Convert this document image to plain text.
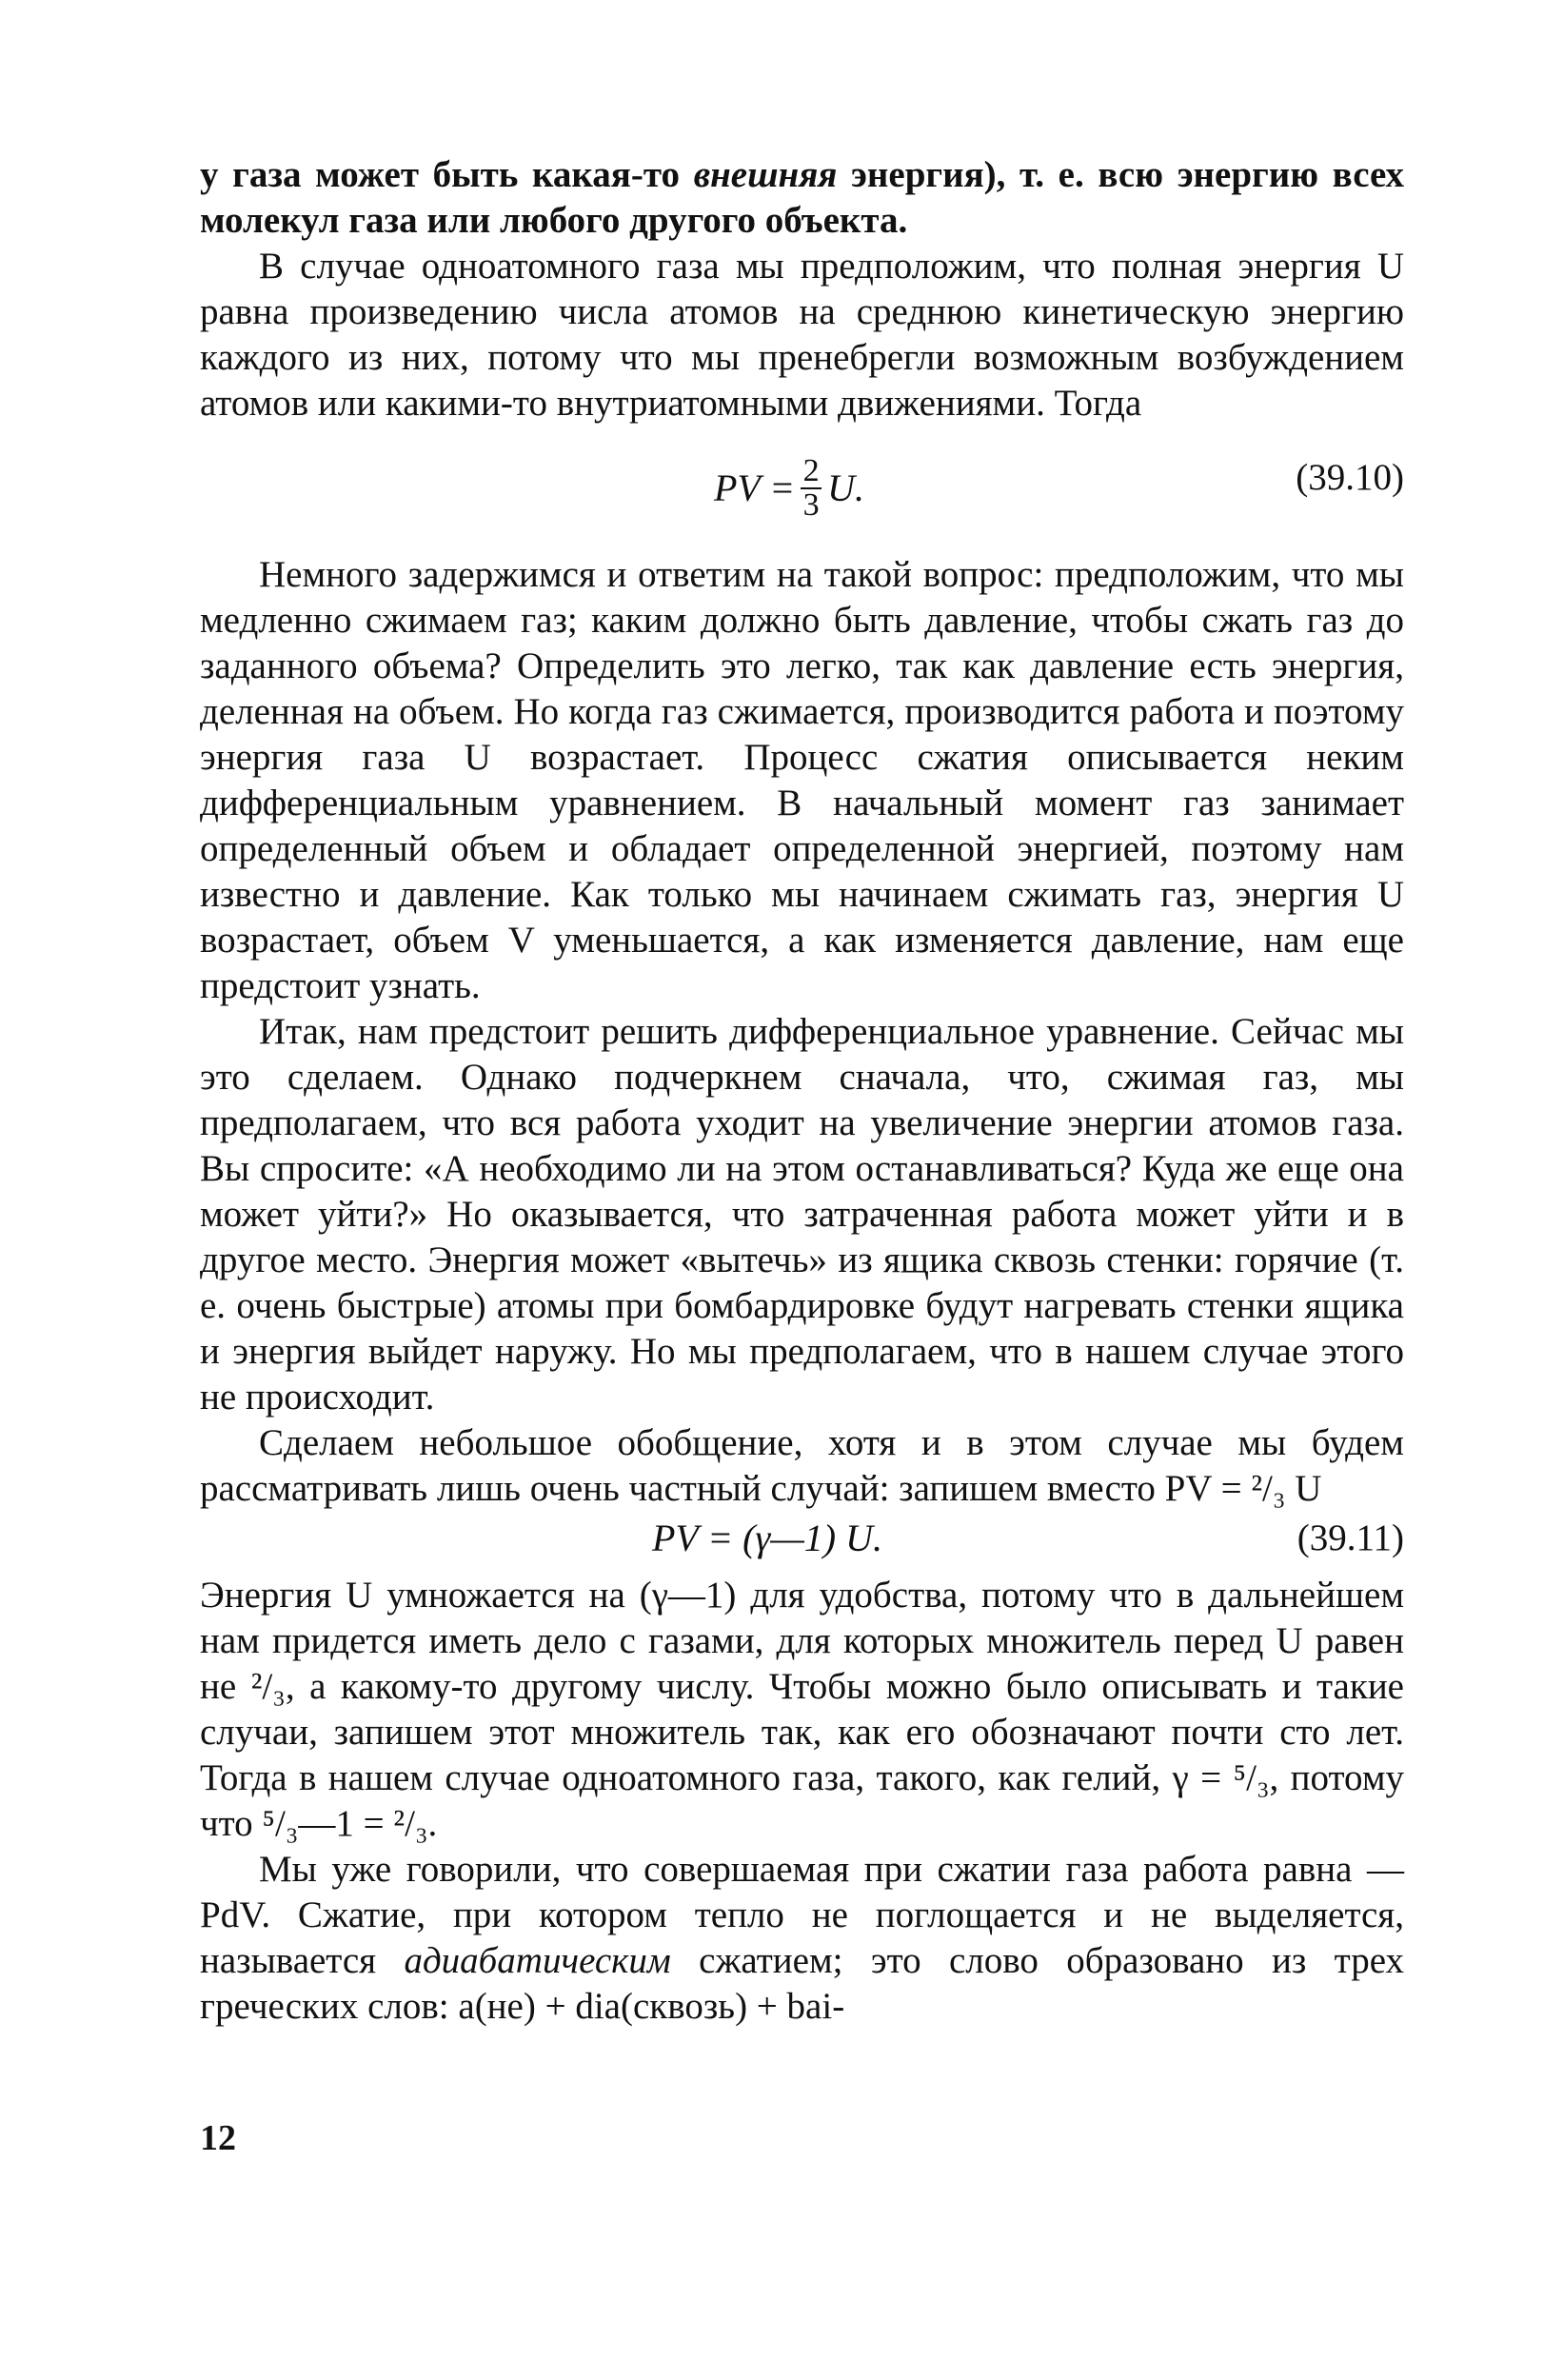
у газа может быть какая-то внешняя энергия), т. е. всю энергию всех молекул газа или любого другого объекта.

В случае одноатомного газа мы предположим, что полная энергия U равна произведению числа атомов на среднюю кинетическую энергию каждого из них, потому что мы пренебрегли возможным возбуждением атомов или какими-то внутриатомными движениями. Тогда

PV = $\frac{2}{3} U$.	(39.10)

Немного задержимся и ответим на такой вопрос: предположим, что мы медленно сжимаем газ; каким должно быть давление, чтобы сжать газ до заданного объема? Определить это легко, так как давление есть энергия, деленная на объем. Но когда газ сжимается, производится работа и поэтому энергия газа U возрастает. Процесс сжатия описывается неким дифференциальным уравнением. В начальный момент газ занимает определенный объем и обладает определенной энергией, поэтому нам известно и давление. Как только мы начинаем сжимать газ, энергия U возрастает, объем V уменьшается, а как изменяется давление, нам еще предстоит узнать.

Итак, нам предстоит решить дифференциальное уравнение. Сейчас мы это сделаем. Однако подчеркнем сначала, что, сжимая газ, мы предполагаем, что вся работа уходит на увеличение энергии атомов газа. Вы спросите: «А необходимо ли на этом останавливаться? Куда же еще она может уйти?» Но оказывается, что затраченная работа может уйти и в другое место. Энергия может «вытечь» из ящика сквозь стенки: горячие (т. е. очень быстрые) атомы при бомбардировке будут нагревать стенки ящика и энергия выйдет наружу. Но мы предполагаем, что в нашем случае этого не происходит.

Сделаем небольшое обобщение, хотя и в этом случае мы будем рассматривать лишь очень частный случай: запишем вместо PV = ²/₃ U

PV = (γ—1) U.	(39.11)

Энергия U умножается на (γ—1) для удобства, потому что в дальнейшем нам придется иметь дело с газами, для которых множитель перед U равен не ²/₃, а какому-то другому числу. Чтобы можно было описывать и такие случаи, запишем этот множитель так, как его обозначают почти сто лет. Тогда в нашем случае одноатомного газа, такого, как гелий, γ = ⁵/₃, потому что ⁵/₃—1 = ²/₃.

Мы уже говорили, что совершаемая при сжатии газа работа равна —PdV. Сжатие, при котором тепло не поглощается и не выделяется, называется адиабатическим сжатием; это слово образовано из трех греческих слов: a(не) + dia(сквозь) + bai-

12
